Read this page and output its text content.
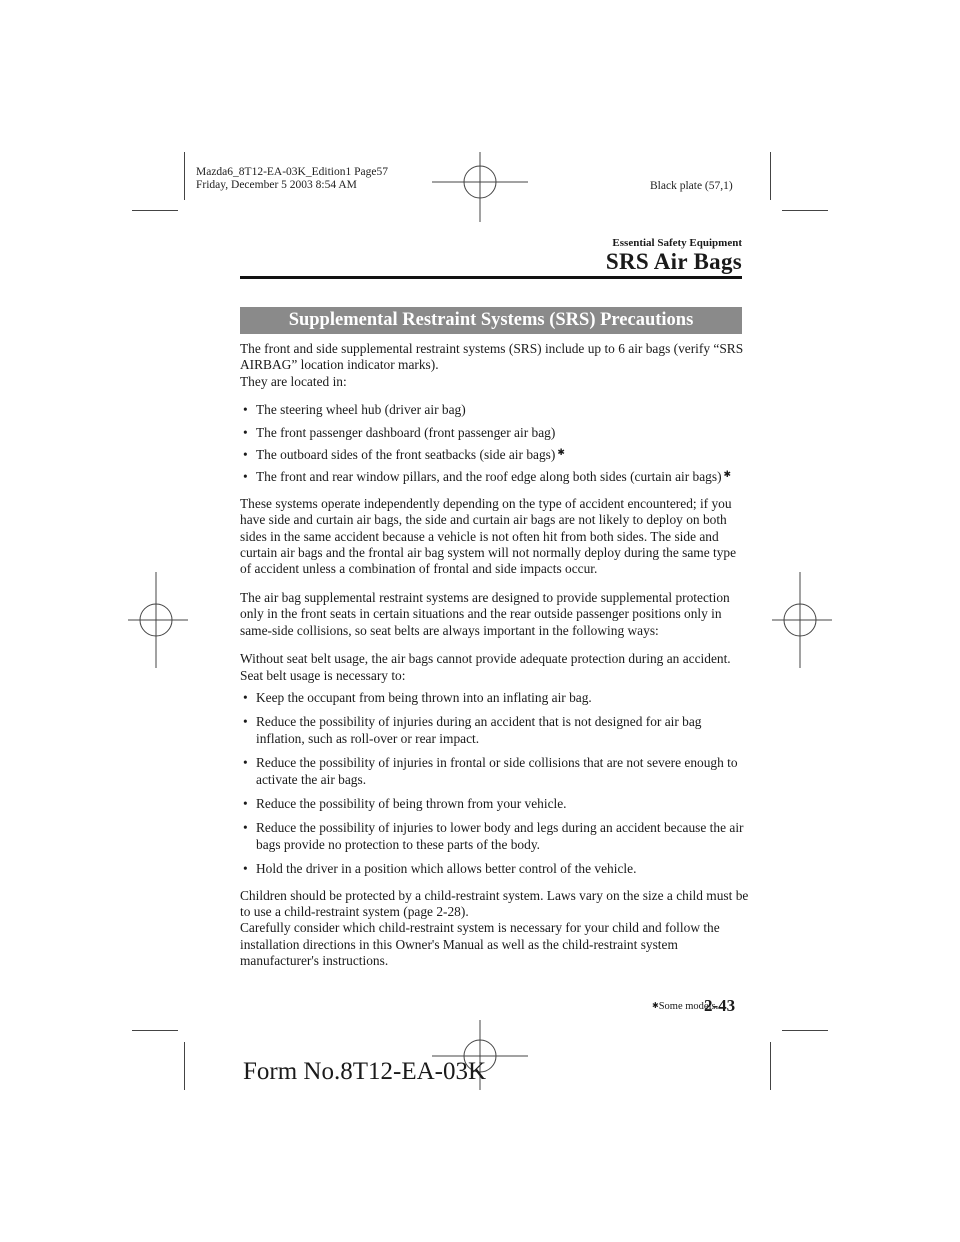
Mazda6_8T12-EA-03K_Edition1 Page57
Friday, December 5 2003 8:54 AM	Black plate (57,1)
Essential Safety Equipment
SRS Air Bags
Supplemental Restraint Systems (SRS) Precautions

The front and side supplemental restraint systems (SRS) include up to 6 air bags (verify “SRS AIRBAG” location indicator marks).

They are located in:

• The steering wheel hub (driver air bag)
• The front passenger dashboard (front passenger air bag)
• The outboard sides of the front seatbacks (side air bags) ✱
• The front and rear window pillars, and the roof edge along both sides (curtain air bags) ✱

These systems operate independently depending on the type of accident encountered; if you have side and curtain air bags, the side and curtain air bags are not likely to deploy on both sides in the same accident because a vehicle is not often hit from both sides. The side and curtain air bags and the frontal air bag system will not normally deploy during the same type of accident unless a combination of frontal and side impacts occur.

The air bag supplemental restraint systems are designed to provide supplemental protection only in the front seats in certain situations and the rear outside passenger positions only in same-side collisions, so seat belts are always important in the following ways:

Without seat belt usage, the air bags cannot provide adequate protection during an accident. Seat belt usage is necessary to:

• Keep the occupant from being thrown into an inflating air bag.
• Reduce the possibility of injuries during an accident that is not designed for air bag inflation, such as roll-over or rear impact.
• Reduce the possibility of injuries in frontal or side collisions that are not severe enough to activate the air bags.
• Reduce the possibility of being thrown from your vehicle.
• Reduce the possibility of injuries to lower body and legs during an accident because the air bags provide no protection to these parts of the body.
• Hold the driver in a position which allows better control of the vehicle.

Children should be protected by a child-restraint system. Laws vary on the size a child must be to use a child-restraint system (page 2-28).

Carefully consider which child-restraint system is necessary for your child and follow the installation directions in this Owner's Manual as well as the child-restraint system manufacturer's instructions.

✱Some models.
2-43
Form No.8T12-EA-03K
